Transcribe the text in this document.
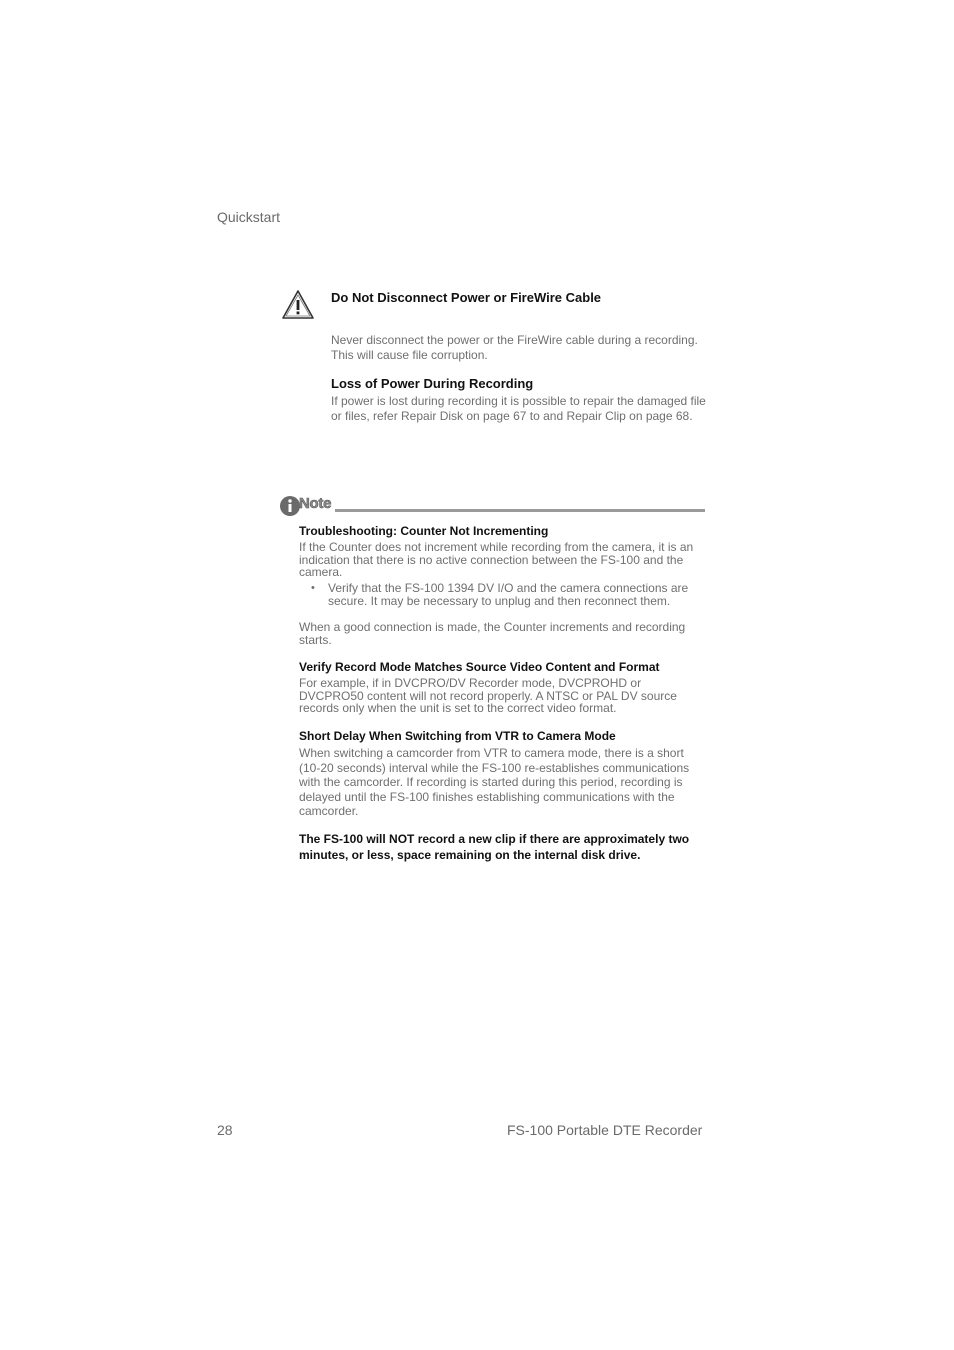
Quickstart
Do Not Disconnect Power or FireWire Cable
Never disconnect the power or the FireWire cable during a recording. This will cause file corruption.
Loss of Power During Recording
If power is lost during recording it is possible to repair the damaged file or files, refer Repair Disk on page 67 to and Repair Clip on page 68.
Note
Troubleshooting: Counter Not Incrementing
If the Counter does not increment while recording from the camera, it is an indication that there is no active connection between the FS-100 and the camera.
• Verify that the FS-100 1394 DV I/O and the camera connections are secure. It may be necessary to unplug and then reconnect them.
When a good connection is made, the Counter increments and recording starts.
Verify Record Mode Matches Source Video Content and Format
For example, if in DVCPRO/DV Recorder mode, DVCPROHD or DVCPRO50 content will not record properly. A NTSC or PAL DV source records only when the unit is set to the correct video format.
Short Delay When Switching from VTR to Camera Mode
When switching a camcorder from VTR to camera mode, there is a short (10-20 seconds) interval while the FS-100 re-establishes communications with the camcorder. If recording is started during this period, recording is delayed until the FS-100 finishes establishing communications with the camcorder.
The FS-100 will NOT record a new clip if there are approximately two minutes, or less, space remaining on the internal disk drive.
28	FS-100 Portable DTE Recorder
